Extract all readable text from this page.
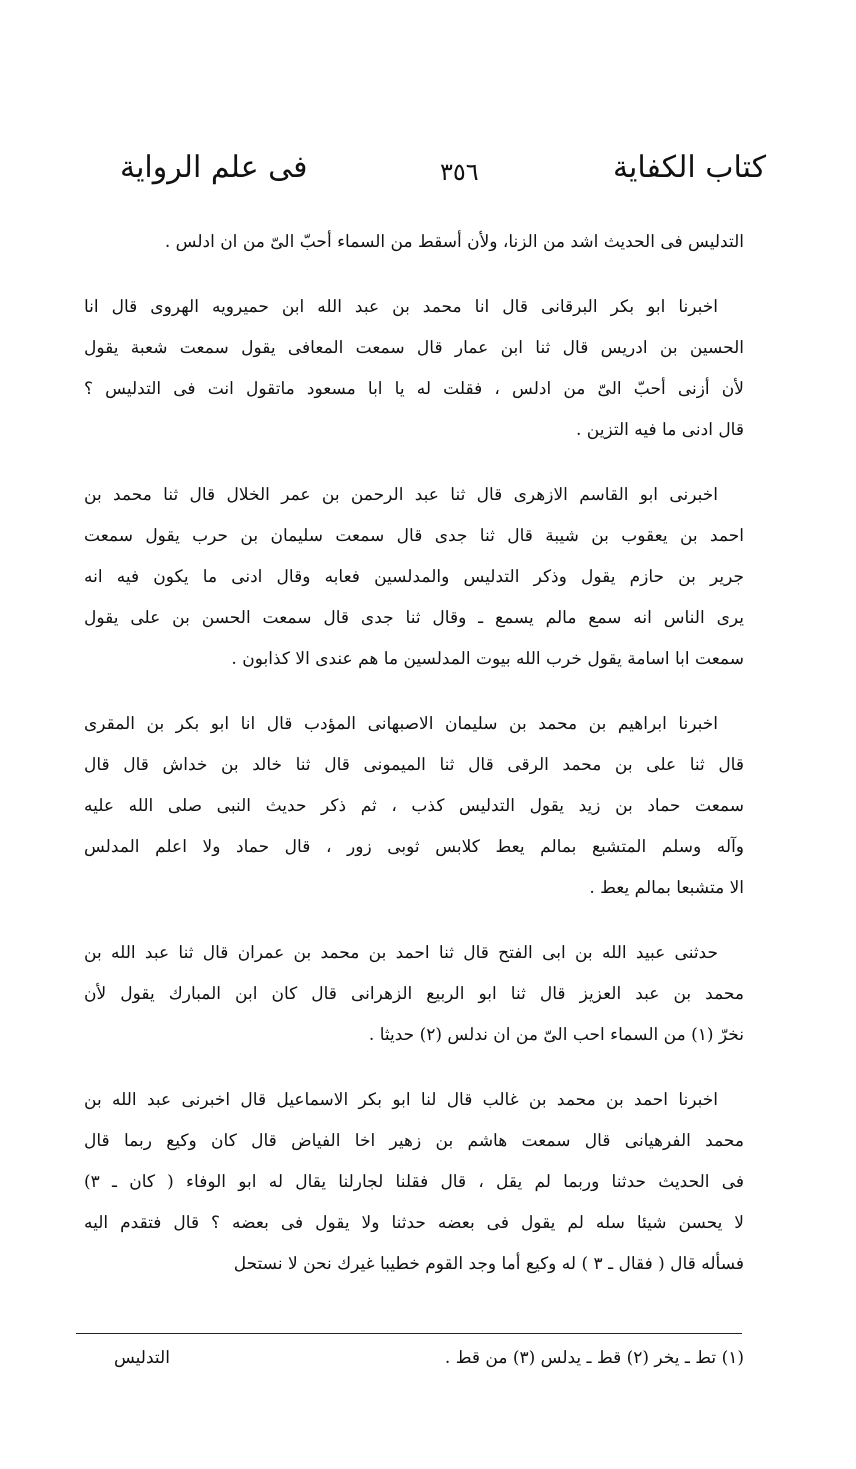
كتاب الكفاية
٣٥٦
فى علم الرواية
التدليس فى الحديث اشد من الزنا، ولأن أسقط من السماء أحبّ الىّ من ان ادلس .
اخبرنا ابو بكر البرقانى قال انا محمد بن عبد الله ابن حميرويه الهروى قال انا
الحسين بن ادريس قال ثنا ابن عمار قال سمعت المعافى يقول سمعت شعبة يقول
لأن أزنى أحبّ الىّ من ادلس ، فقلت له يا ابا مسعود ماتقول انت فى التدليس ؟
قال ادنى ما فيه التزين .
اخبرنى ابو القاسم الازهرى قال ثنا عبد الرحمن بن عمر الخلال قال ثنا محمد بن
احمد بن يعقوب بن شيبة قال ثنا جدى قال سمعت سليمان بن حرب يقول سمعت
جرير بن حازم يقول وذكر التدليس والمدلسين فعابه وقال ادنى ما يكون فيه انه
يرى الناس انه سمع مالم يسمع ـ وقال ثنا جدى قال سمعت الحسن بن على يقول
سمعت ابا اسامة يقول خرب الله بيوت المدلسين ما هم عندى الا كذابون .
اخبرنا ابراهيم بن محمد بن سليمان الاصبهانى المؤدب قال انا ابو بكر بن المقرى
قال ثنا على بن محمد الرقى قال ثنا الميمونى قال ثنا خالد بن خداش قال قال
سمعت حماد بن زيد يقول التدليس كذب ، ثم ذكر حديث النبى صلى الله عليه
وآله وسلم المتشبع بمالم يعط كلابس ثوبى زور ، قال حماد ولا اعلم المدلس
الا متشبعا بمالم يعط .
حدثنى عبيد الله بن ابى الفتح قال ثنا احمد بن محمد بن عمران قال ثنا عبد الله بن
محمد بن عبد العزيز قال ثنا ابو الربيع الزهرانى قال كان ابن المبارك يقول لأن
نخرّ (١) من السماء احب الىّ من ان ندلس (٢) حديثا .
اخبرنا احمد بن محمد بن غالب قال لنا ابو بكر الاسماعيل قال اخبرنى عبد الله بن
محمد الفرهيانى قال سمعت هاشم بن زهير اخا الفياض قال كان وكيع ربما قال
فى الحديث حدثنا وربما لم يقل ، قال فقلنا لجارلنا يقال له ابو الوفاء ( كان ـ ٣)
لا يحسن شيئا سله لم يقول فى بعضه حدثنا ولا يقول فى بعضه ؟ قال فتقدم اليه
فسأله قال ( فقال ـ ٣ ) له وكيع أما وجد القوم خطيبا غيرك نحن لا نستحل
(١) تط ـ يخر (٢) قط ـ يدلس (٣) من قط .
التدليس
